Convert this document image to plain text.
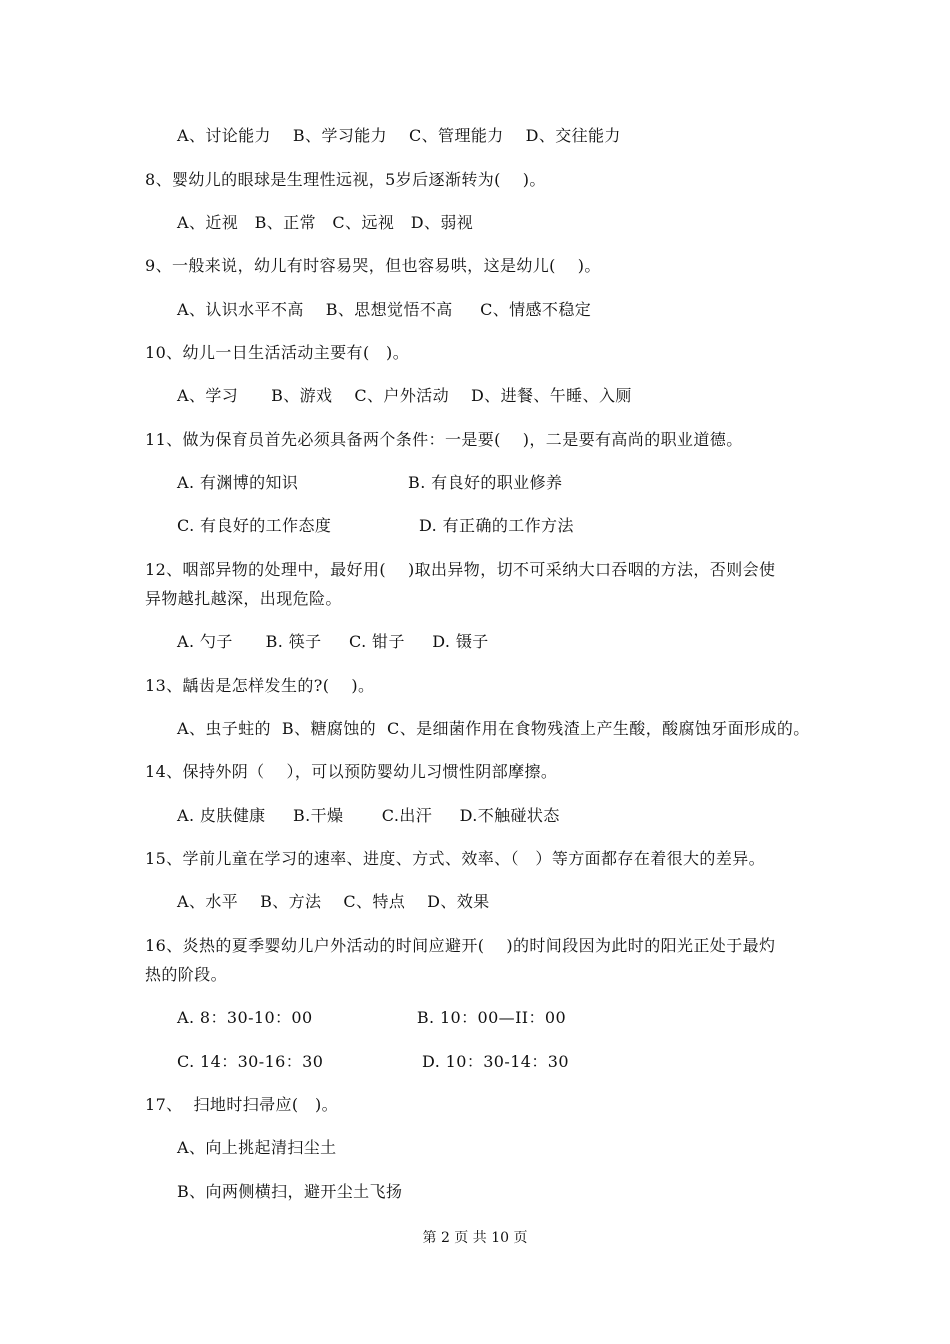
A、讨论能力    B、学习能力    C、管理能力    D、交往能力
8、婴幼儿的眼球是生理性远视，5岁后逐渐转为(    )。
A、近视   B、正常   C、远视   D、弱视
9、一般来说，幼儿有时容易哭，但也容易哄，这是幼儿(    )。
A、认识水平不高    B、思想觉悟不高     C、情感不稳定
10、幼儿一日生活活动主要有(   )。
A、学习      B、游戏    C、户外活动    D、进餐、午睡、入厕
11、做为保育员首先必须具备两个条件：一是要(    )，二是要有高尚的职业道德。
A. 有渊博的知识                    B. 有良好的职业修养
C. 有良好的工作态度                D. 有正确的工作方法
12、咽部异物的处理中，最好用(    )取出异物，切不可采纳大口吞咽的方法，否则会使
异物越扎越深，出现危险。
A. 勺子      B. 筷子     C. 钳子     D. 镊子
13、龋齿是怎样发生的?(    )。
A、虫子蛀的  B、糖腐蚀的  C、是细菌作用在食物残渣上产生酸，酸腐蚀牙面形成的。
14、保持外阴（    ），可以预防婴幼儿习惯性阴部摩擦。
A. 皮肤健康     B.干燥       C.出汗     D.不触碰状态
15、学前儿童在学习的速率、进度、方式、效率、（   ）等方面都存在着很大的差异。
A、水平    B、方法    C、特点    D、效果
16、炎热的夏季婴幼儿户外活动的时间应避开(    )的时间段因为此时的阳光正处于最灼
热的阶段。
A. 8：30-10：00                   B. 10：00—II：00
C. 14：30-16：30                  D. 10：30-14：30
17、  扫地时扫帚应(   )。
A、向上挑起清扫尘土
B、向两侧横扫，避开尘土飞扬
第 2 页 共 10 页
